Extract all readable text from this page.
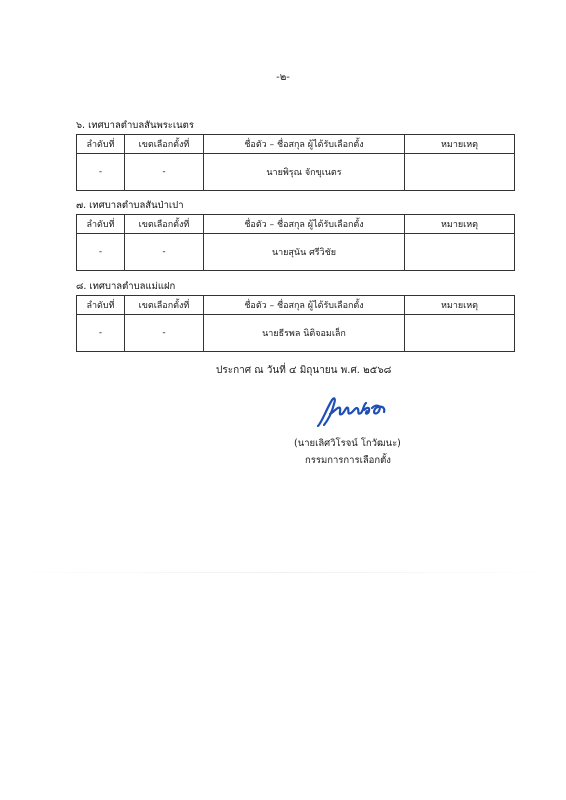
-๒-
๖. เทศบาลตำบลสันพระเนตร
ลำดับที่	เขตเลือกตั้งที่	ชื่อตัว – ชื่อสกุล ผู้ได้รับเลือกตั้ง	หมายเหตุ
-	-	นายพิรุณ จักขุเนตร	
๗. เทศบาลตำบลสันป่าเปา
ลำดับที่	เขตเลือกตั้งที่	ชื่อตัว – ชื่อสกุล ผู้ได้รับเลือกตั้ง	หมายเหตุ
-	-	นายสุนัน ศรีวิชัย	
๘. เทศบาลตำบลแม่แฝก
ลำดับที่	เขตเลือกตั้งที่	ชื่อตัว – ชื่อสกุล ผู้ได้รับเลือกตั้ง	หมายเหตุ
-	-	นายธีรพล นิติจอมเล็ก	
ประกาศ ณ วันที่ ๔ มิถุนายน พ.ศ. ๒๕๖๘
(นายเลิศวิโรจน์ โกวัฒนะ)
กรรมการการเลือกตั้ง
